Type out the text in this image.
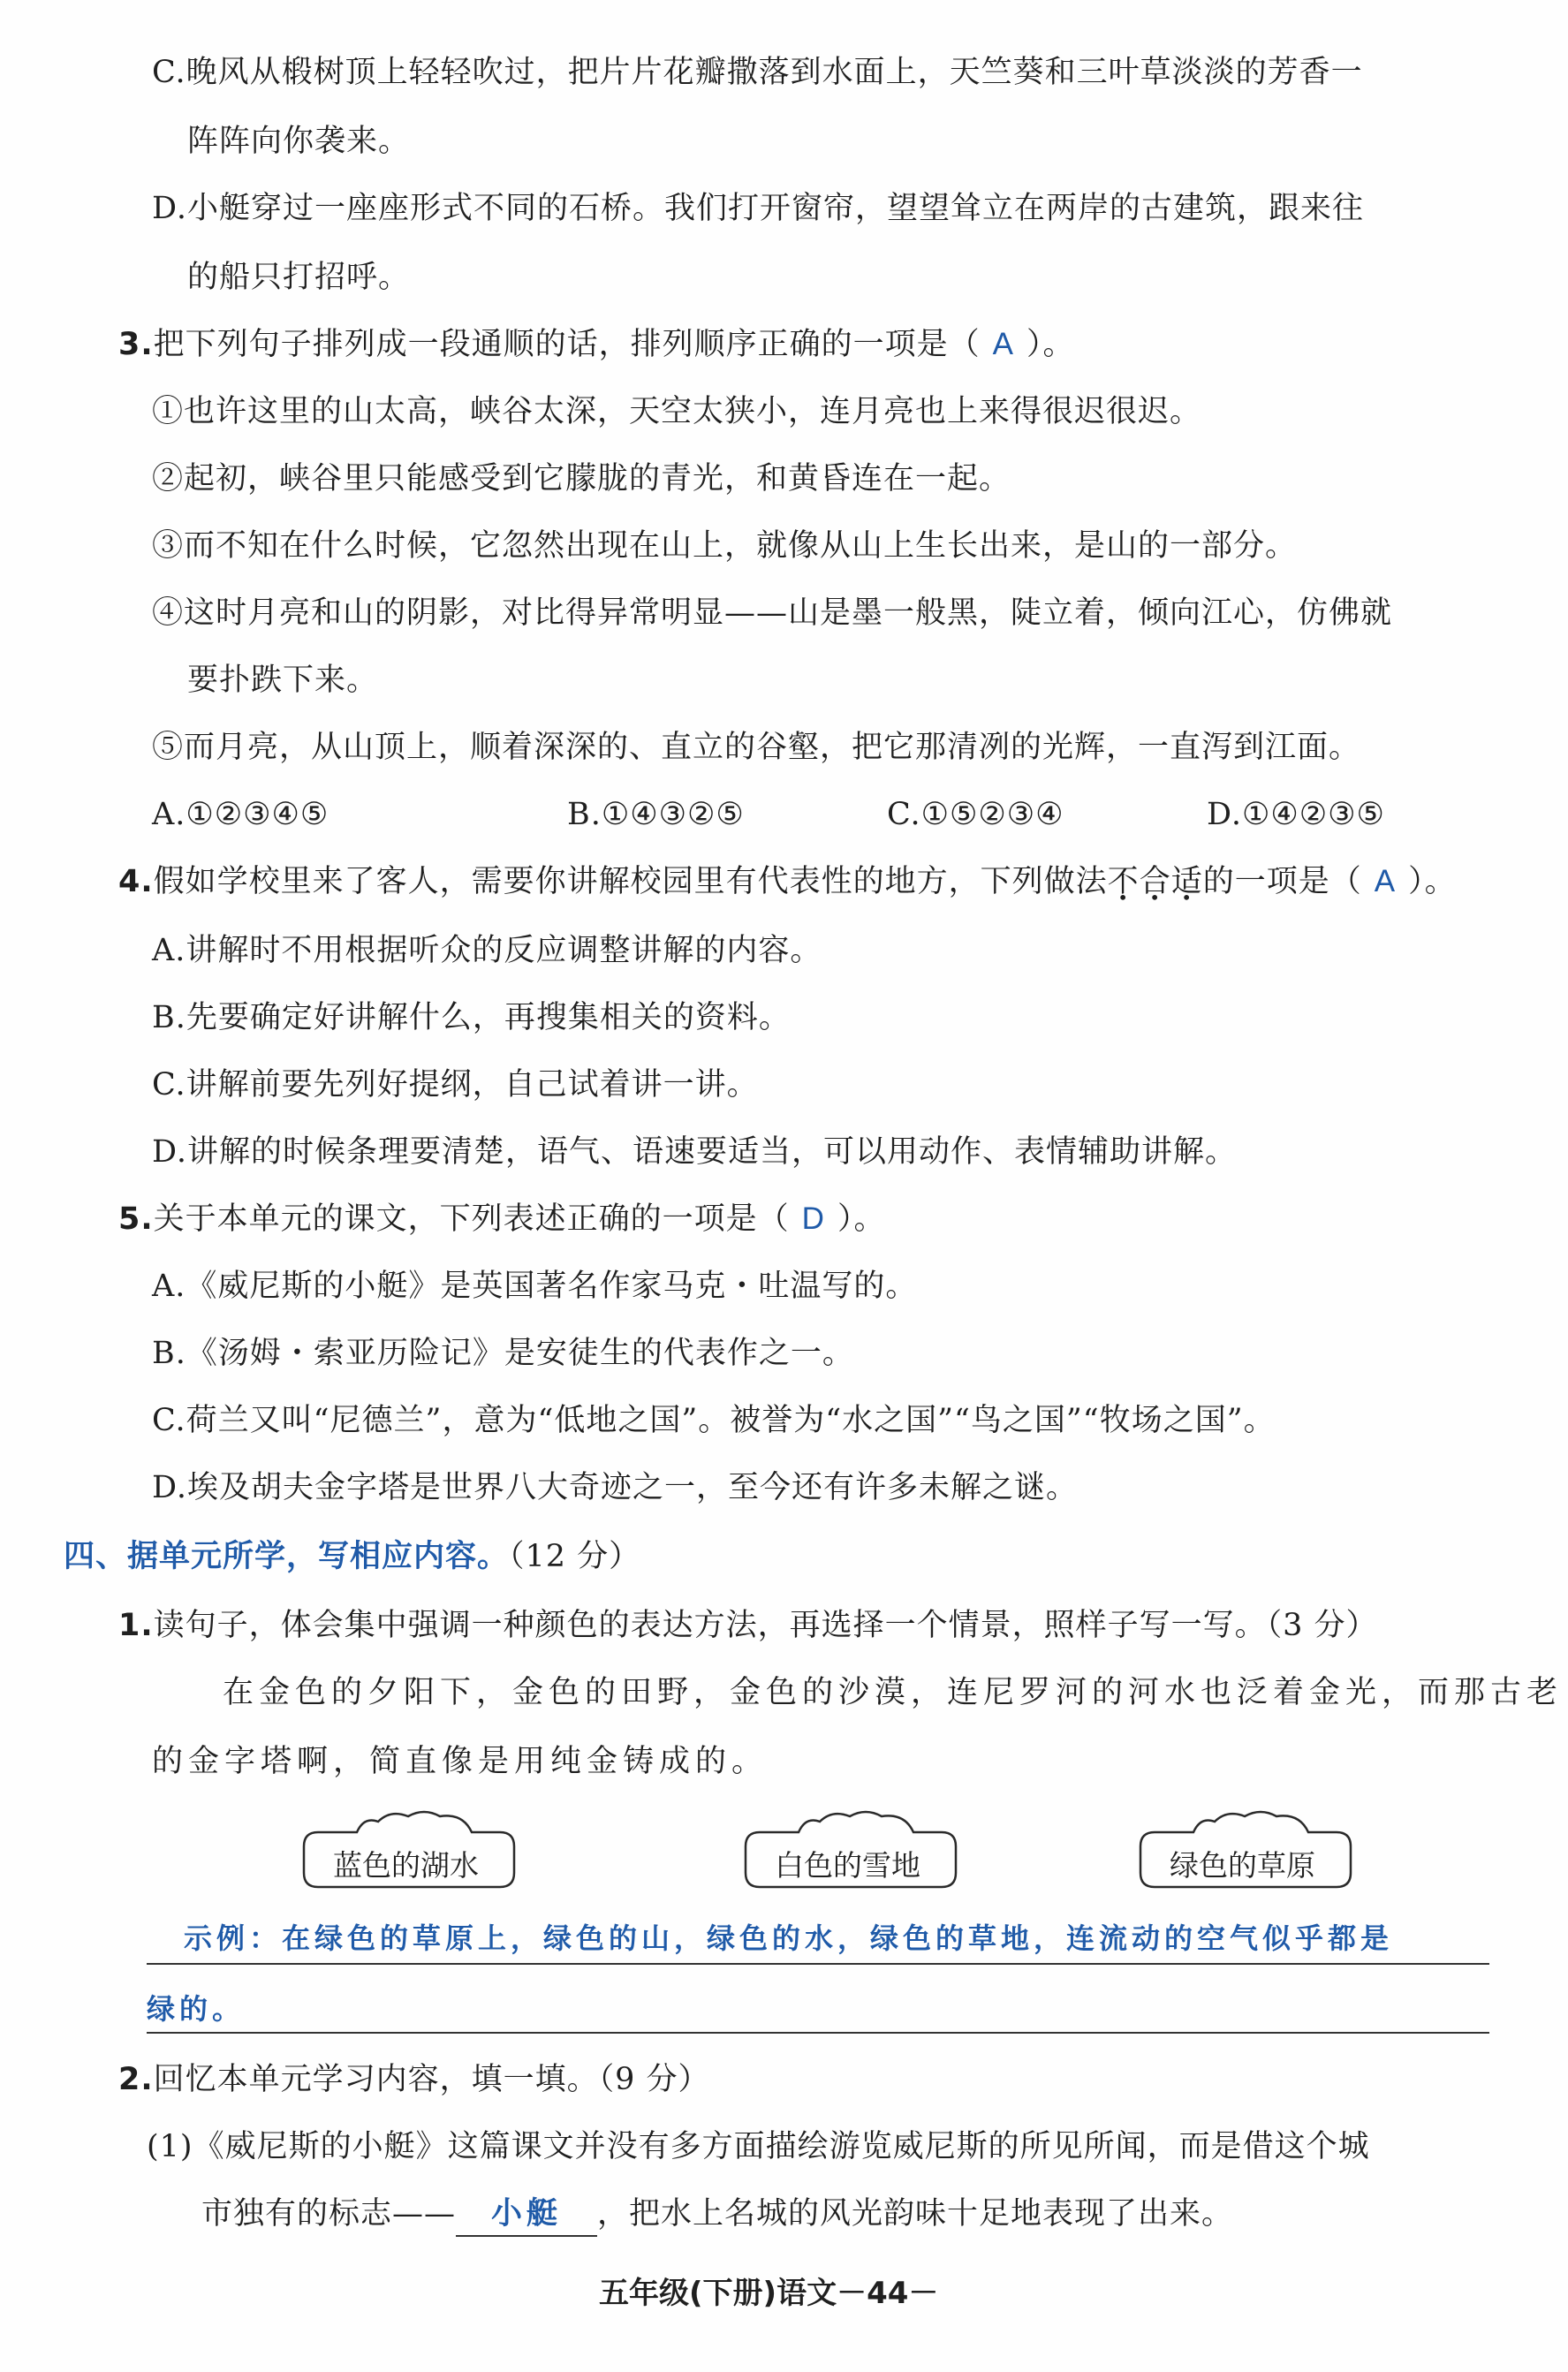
C.晚风从椴树顶上轻轻吹过，把片片花瓣撒落到水面上，天竺葵和三叶草淡淡的芳香一
阵阵向你袭来。
D.小艇穿过一座座形式不同的石桥。我们打开窗帘，望望耸立在两岸的古建筑，跟来往
的船只打招呼。
3.把下列句子排列成一段通顺的话，排列顺序正确的一项是（ A ）。
①也许这里的山太高，峡谷太深，天空太狭小，连月亮也上来得很迟很迟。
②起初，峡谷里只能感受到它朦胧的青光，和黄昏连在一起。
③而不知在什么时候，它忽然出现在山上，就像从山上生长出来，是山的一部分。
④这时月亮和山的阴影，对比得异常明显——山是墨一般黑，陡立着，倾向江心，仿佛就
要扑跌下来。
⑤而月亮，从山顶上，顺着深深的、直立的谷壑，把它那清冽的光辉，一直泻到江面。
A.①②③④⑤	B.①④③②⑤	C.①⑤②③④	D.①④②③⑤
4.假如学校里来了客人，需要你讲解校园里有代表性的地方，下列做法不合适的一项是（ A ）。
A.讲解时不用根据听众的反应调整讲解的内容。
B.先要确定好讲解什么，再搜集相关的资料。
C.讲解前要先列好提纲，自己试着讲一讲。
D.讲解的时候条理要清楚，语气、语速要适当，可以用动作、表情辅助讲解。
5.关于本单元的课文，下列表述正确的一项是（ D ）。
A.《威尼斯的小艇》是英国著名作家马克・吐温写的。
B.《汤姆・索亚历险记》是安徒生的代表作之一。
C.荷兰又叫“尼德兰”，意为“低地之国”。被誉为“水之国”“鸟之国”“牧场之国”。
D.埃及胡夫金字塔是世界八大奇迹之一，至今还有许多未解之谜。
四、据单元所学，写相应内容。（12 分）
1.读句子，体会集中强调一种颜色的表达方法，再选择一个情景，照样子写一写。（3 分）
在金色的夕阳下，金色的田野，金色的沙漠，连尼罗河的河水也泛着金光，而那古老
的金字塔啊，简直像是用纯金铸成的。
蓝色的湖水	白色的雪地	绿色的草原
示例：在绿色的草原上，绿色的山，绿色的水，绿色的草地，连流动的空气似乎都是
绿的。
2.回忆本单元学习内容，填一填。（9 分）
(1)《威尼斯的小艇》这篇课文并没有多方面描绘游览威尼斯的所见所闻，而是借这个城
市独有的标志—— 小艇 ，把水上名城的风光韵味十足地表现了出来。
五年级(下册)语文－44－
